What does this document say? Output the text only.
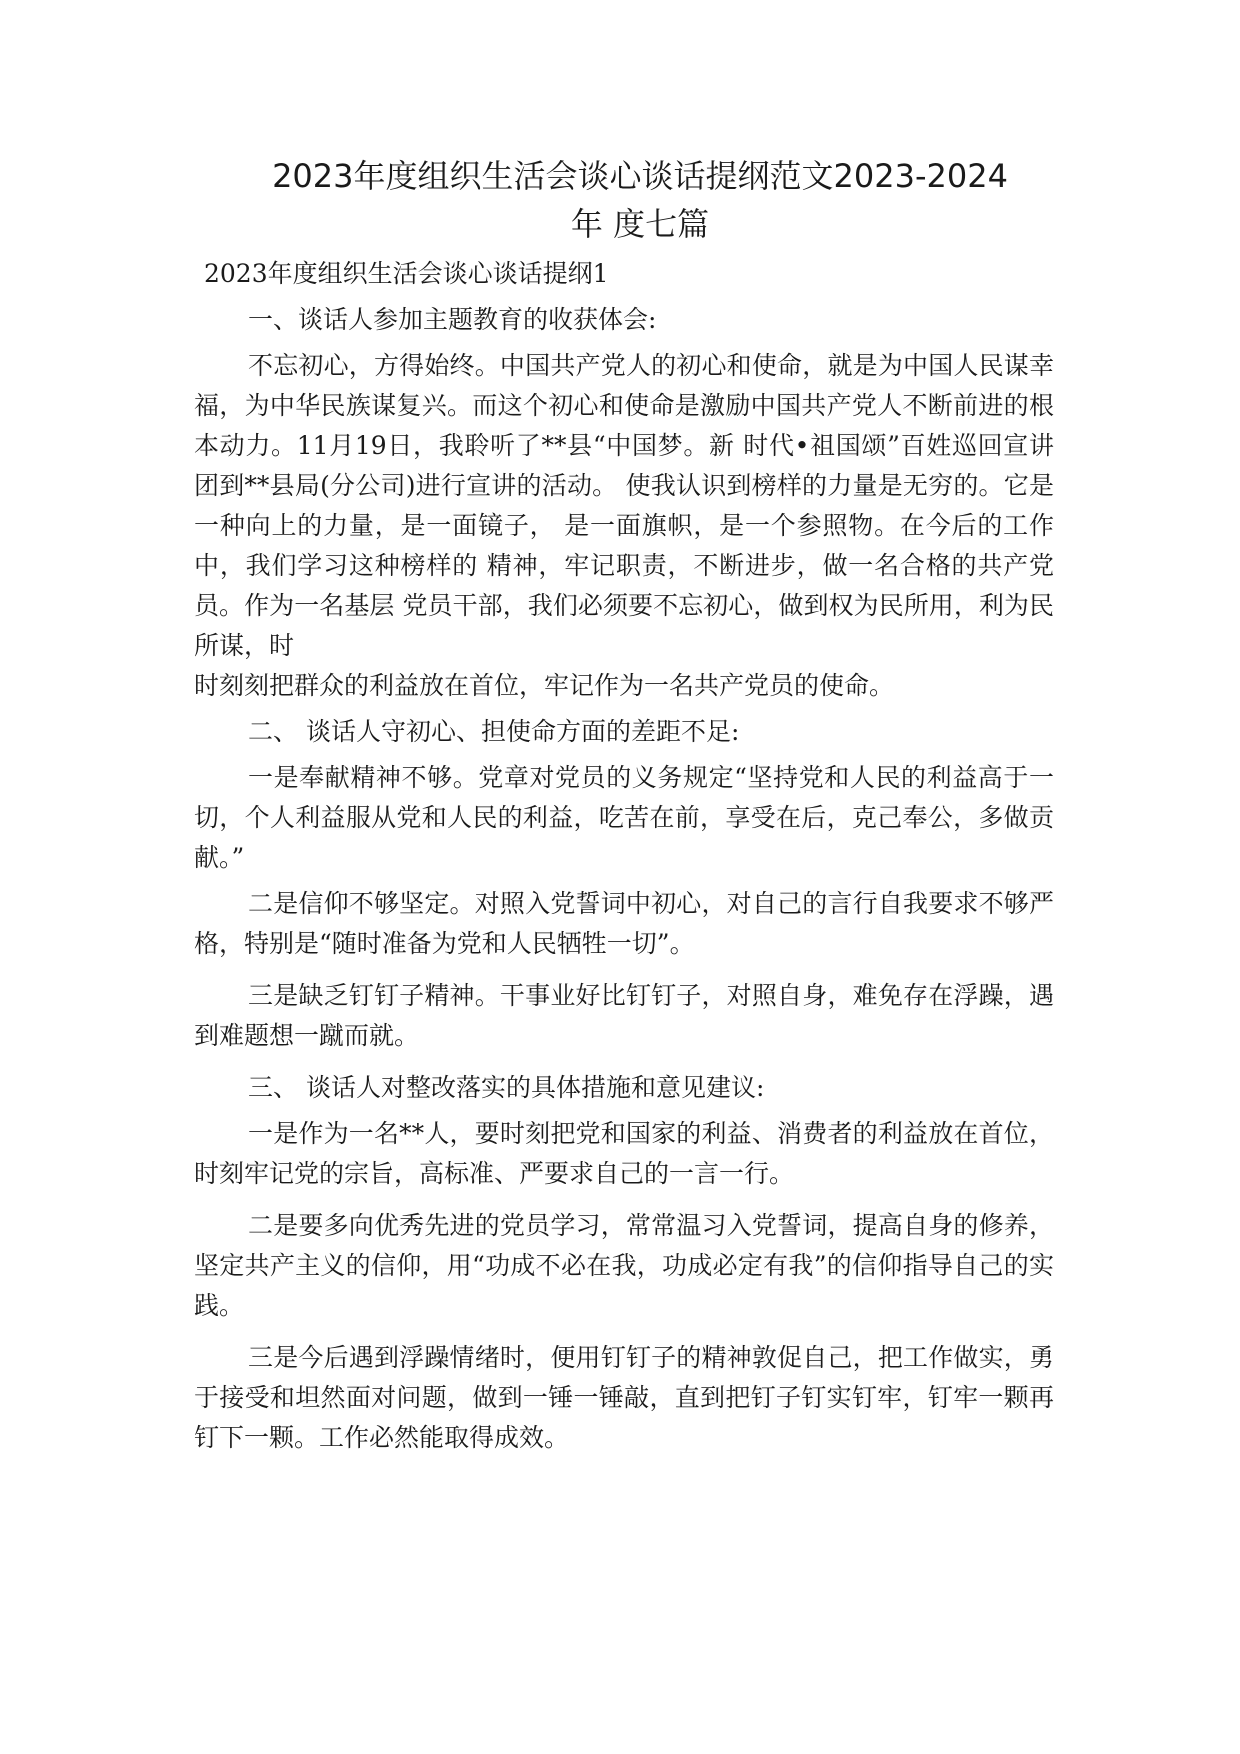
2023年度组织生活会谈心谈话提纲范文2023-2024
年 度七篇

2023年度组织生活会谈心谈话提纲1

一、谈话人参加主题教育的收获体会:

不忘初心，方得始终。中国共产党人的初心和使命，就是为中国人民谋幸福，为中华民族谋复兴。而这个初心和使命是激励中国共产党人不断前进的根本动力。11月19日，我聆听了**县“中国梦。新 时代•祖国颂”百姓巡回宣讲团到**县局(分公司)进行宣讲的活动。 使我认识到榜样的力量是无穷的。它是一种向上的力量，是一面镜子， 是一面旗帜，是一个参照物。在今后的工作中，我们学习这种榜样的 精神，牢记职责，不断进步，做一名合格的共产党员。作为一名基层 党员干部，我们必须要不忘初心，做到权为民所用，利为民所谋，时

时刻刻把群众的利益放在首位，牢记作为一名共产党员的使命。

二、 谈话人守初心、担使命方面的差距不足:

一是奉献精神不够。党章对党员的义务规定“坚持党和人民的利益高于一切，个人利益服从党和人民的利益，吃苦在前，享受在后，克己奉公，多做贡献。”

二是信仰不够坚定。对照入党誓词中初心，对自己的言行自我要求不够严格，特别是“随时准备为党和人民牺牲一切”。

三是缺乏钉钉子精神。干事业好比钉钉子，对照自身，难免存在浮躁，遇到难题想一蹴而就。

三、 谈话人对整改落实的具体措施和意见建议:

一是作为一名**人，要时刻把党和国家的利益、消费者的利益放在首位，时刻牢记党的宗旨，高标准、严要求自己的一言一行。

二是要多向优秀先进的党员学习，常常温习入党誓词，提高自身的修养，坚定共产主义的信仰，用“功成不必在我，功成必定有我”的信仰指导自己的实践。

三是今后遇到浮躁情绪时，便用钉钉子的精神敦促自己，把工作做实，勇于接受和坦然面对问题，做到一锤一锤敲，直到把钉子钉实钉牢，钉牢一颗再钉下一颗。工作必然能取得成效。
